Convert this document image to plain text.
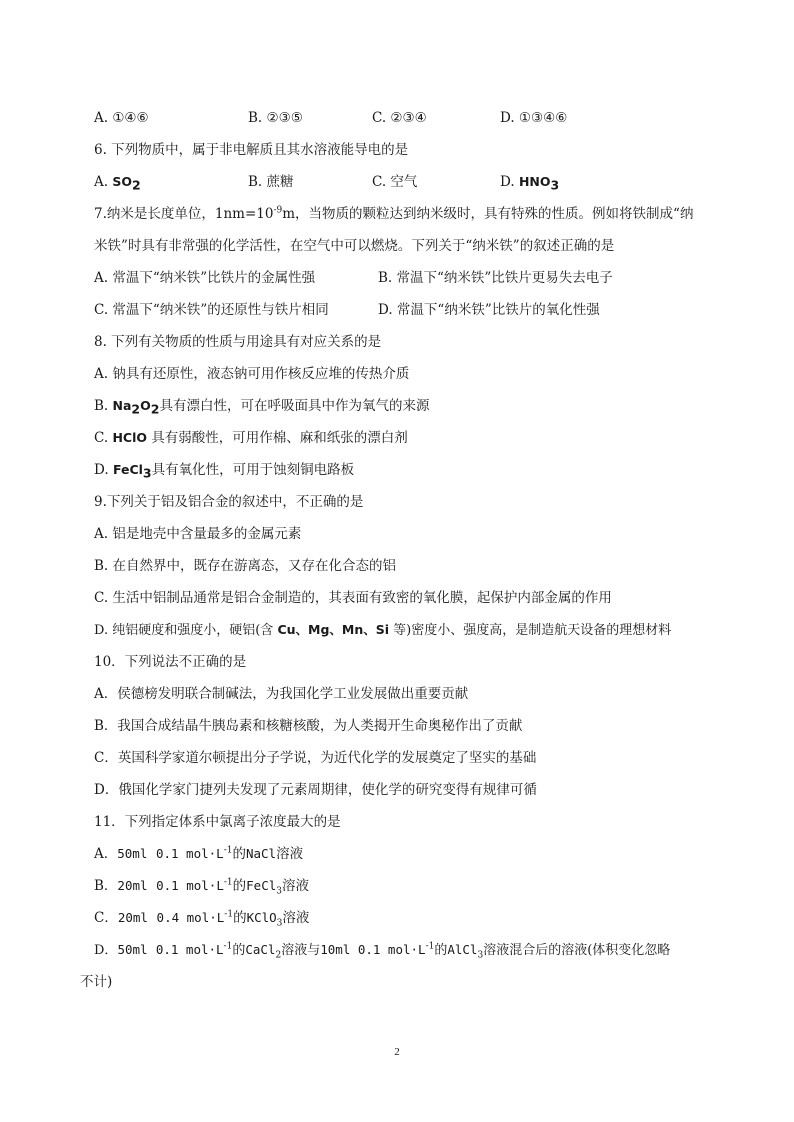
A. ①④⑥	B. ②③⑤	C. ②③④	D. ①③④⑥
6. 下列物质中，属于非电解质且其水溶液能导电的是
A. $SO_2$	B. 蔗糖	C. 空气	D. $HNO_3$
7.纳米是长度单位，$1nm=10^{-9}m$，当物质的颗粒达到纳米级时，具有特殊的性质。例如将铁制成“纳
米铁”时具有非常强的化学活性，在空气中可以燃烧。下列关于“纳米铁”的叙述正确的是
A. 常温下“纳米铁”比铁片的金属性强	B. 常温下“纳米铁”比铁片更易失去电子
C. 常温下“纳米铁”的还原性与铁片相同	D. 常温下“纳米铁”比铁片的氧化性强
8. 下列有关物质的性质与用途具有对应关系的是
A. 钠具有还原性，液态钠可用作核反应堆的传热介质
B. $Na_2O_2$具有漂白性，可在呼吸面具中作为氧气的来源
C. HClO 具有弱酸性，可用作棉、麻和纸张的漂白剂
D. FeCl$_3$具有氧化性，可用于蚀刻铜电路板
9.下列关于铝及铝合金的叙述中，不正确的是
A. 铝是地壳中含量最多的金属元素
B. 在自然界中，既存在游离态，又存在化合态的铝
C. 生活中铝制品通常是铝合金制造的，其表面有致密的氧化膜，起保护内部金属的作用
D. 纯铝硬度和强度小，硬铝(含 Cu、Mg、Mn、Si 等)密度小、强度高，是制造航天设备的理想材料
10．下列说法不正确的是
A．侯德榜发明联合制碱法，为我国化学工业发展做出重要贡献
B．我国合成结晶牛胰岛素和核糖核酸，为人类揭开生命奥秘作出了贡献
C．英国科学家道尔顿提出分子学说，为近代化学的发展奠定了坚实的基础
D．俄国化学家门捷列夫发现了元素周期律，使化学的研究变得有规律可循
11．下列指定体系中氯离子浓度最大的是
A．50ml 0.1 $mol\cdot L^{-1}$的NaCl溶液
B．20ml 0.1 $mol\cdot L^{-1}$的FeCl$_3$溶液
C．20ml 0.4 $mol\cdot L^{-1}$的KClO$_3$溶液
D．50ml 0.1 $mol\cdot L^{-1}$的CaCl$_2$溶液与10ml 0.1 $mol\cdot L^{-1}$的AlCl$_3$溶液混合后的溶液(体积变化忽略
不计)
2
